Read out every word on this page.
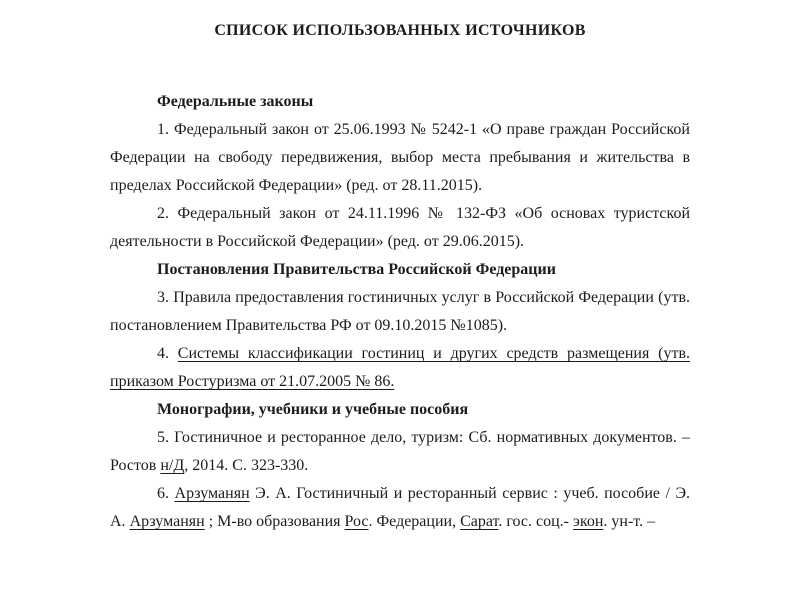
СПИСОК ИСПОЛЬЗОВАННЫХ ИСТОЧНИКОВ

Федеральные законы

1. Федеральный закон от 25.06.1993 № 5242-1 «О праве граждан Российской Федерации на свободу передвижения, выбор места пребывания и жительства в пределах Российской Федерации» (ред. от 28.11.2015).

2. Федеральный закон от 24.11.1996 № 132-ФЗ «Об основах туристской деятельности в Российской Федерации» (ред. от 29.06.2015).

Постановления Правительства Российской Федерации

3. Правила предоставления гостиничных услуг в Российской Федерации (утв. постановлением Правительства РФ от 09.10.2015 №1085).

4. Системы классификации гостиниц и других средств размещения (утв. приказом Ростуризма от 21.07.2005 № 86.

Монографии, учебники и учебные пособия

5. Гостиничное и ресторанное дело, туризм: Сб. нормативных документов. – Ростов н/Д, 2014. С. 323-330.

6. Арзуманян Э. А. Гостиничный и ресторанный сервис : учеб. пособие / Э. А. Арзуманян ; М-во образования Рос. Федерации, Сарат. гос. соц.- экон. ун-т. –
